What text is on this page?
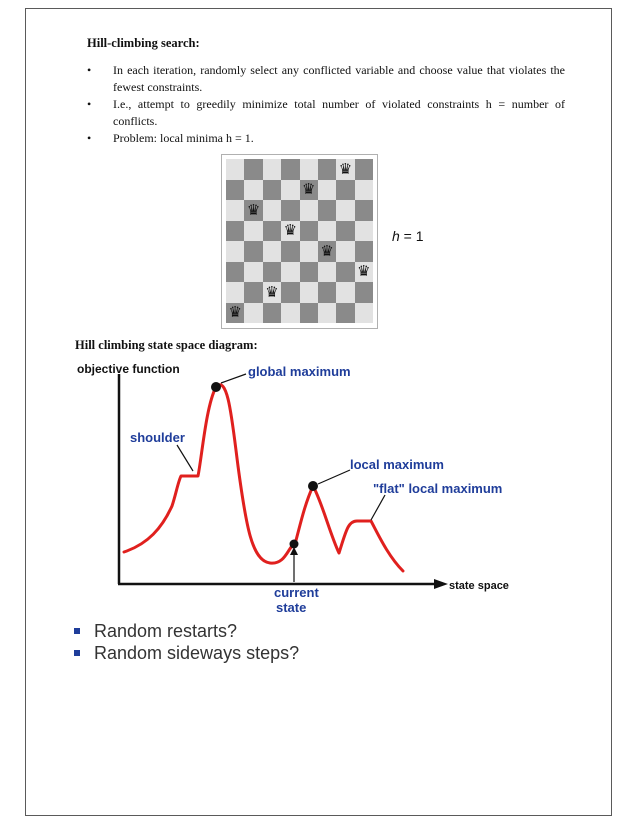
Hill-climbing search:
• In each iteration, randomly select any conflicted variable and choose value that violates the fewest constraints.
• I.e., attempt to greedily minimize total number of violated constraints h = number of conflicts.
• Problem: local minima h = 1.
♛
♛
♛
♛
♛
♛
♛
♛
h = 1
Hill climbing state space diagram:
objective function
state space
global maximum
shoulder
local maximum
"flat" local maximum
current
state
Random restarts?
Random sideways steps?
